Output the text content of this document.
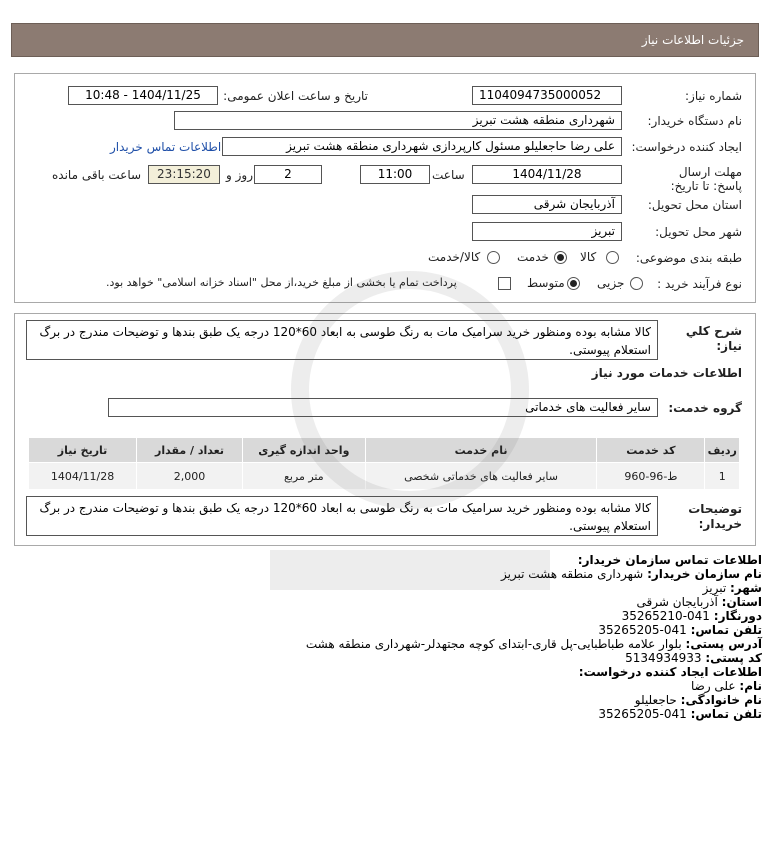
جزئیات اطلاعات نیاز
شماره نیاز:
1104094735000052
تاریخ و ساعت اعلان عمومی:
1404/11/25 - 10:48
نام دستگاه خریدار:
شهرداری منطقه هشت تبریز
ایجاد کننده درخواست:
علی رضا حاجعلیلو مسئول کارپردازی شهرداری منطقه هشت تبریز
اطلاعات تماس خریدار
مهلت ارسال پاسخ: تا تاریخ:
1404/11/28
ساعت
11:00
2
روز و
23:15:20
ساعت باقی مانده
استان محل تحویل:
آذربایجان شرقی
شهر محل تحویل:
تبریز
طبقه بندی موضوعی:
کالا
خدمت
کالا/خدمت
نوع فرآیند خرید :
جزیی
متوسط
پرداخت تمام یا بخشی از مبلغ خرید،از محل "اسناد خزانه اسلامی" خواهد بود.
شرح کلي نياز:
کالا مشابه بوده ومنظور خرید سرامیک مات به رنگ طوسی به ابعاد 60*120 درجه یک طبق بندها و توضیحات مندرج در برگ استعلام پیوستی.
اطلاعات خدمات مورد نیاز
گروه خدمت:
سایر فعالیت های خدماتی
ردیف	کد خدمت	نام خدمت	واحد اندازه گیری	تعداد / مقدار	تاریخ نیاز
1	ط-96-960	سایر فعالیت های خدماتی شخصی	متر مربع	2,000	1404/11/28
توضیحات خریدار:
کالا مشابه بوده ومنظور خرید سرامیک مات به رنگ طوسی به ابعاد 60*120 درجه یک طبق بندها و توضیحات مندرج در برگ استعلام پیوستی.
اطلاعات تماس سازمان خریدار:
نام سازمان خریدار: شهرداری منطقه هشت تبریز
شهر: تبریز
استان: آذربایجان شرقی
دورنگار: 041-35265210
تلفن تماس: 041-35265205
آدرس پستی: بلوار علامه طباطبایی-پل قاری-ابتدای کوچه مجتهدلر-شهرداری منطقه هشت
کد پستی: 5134934933
اطلاعات ایجاد کننده درخواست:
نام: علی رضا
نام خانوادگی: حاجعلیلو
تلفن تماس: 041-35265205
